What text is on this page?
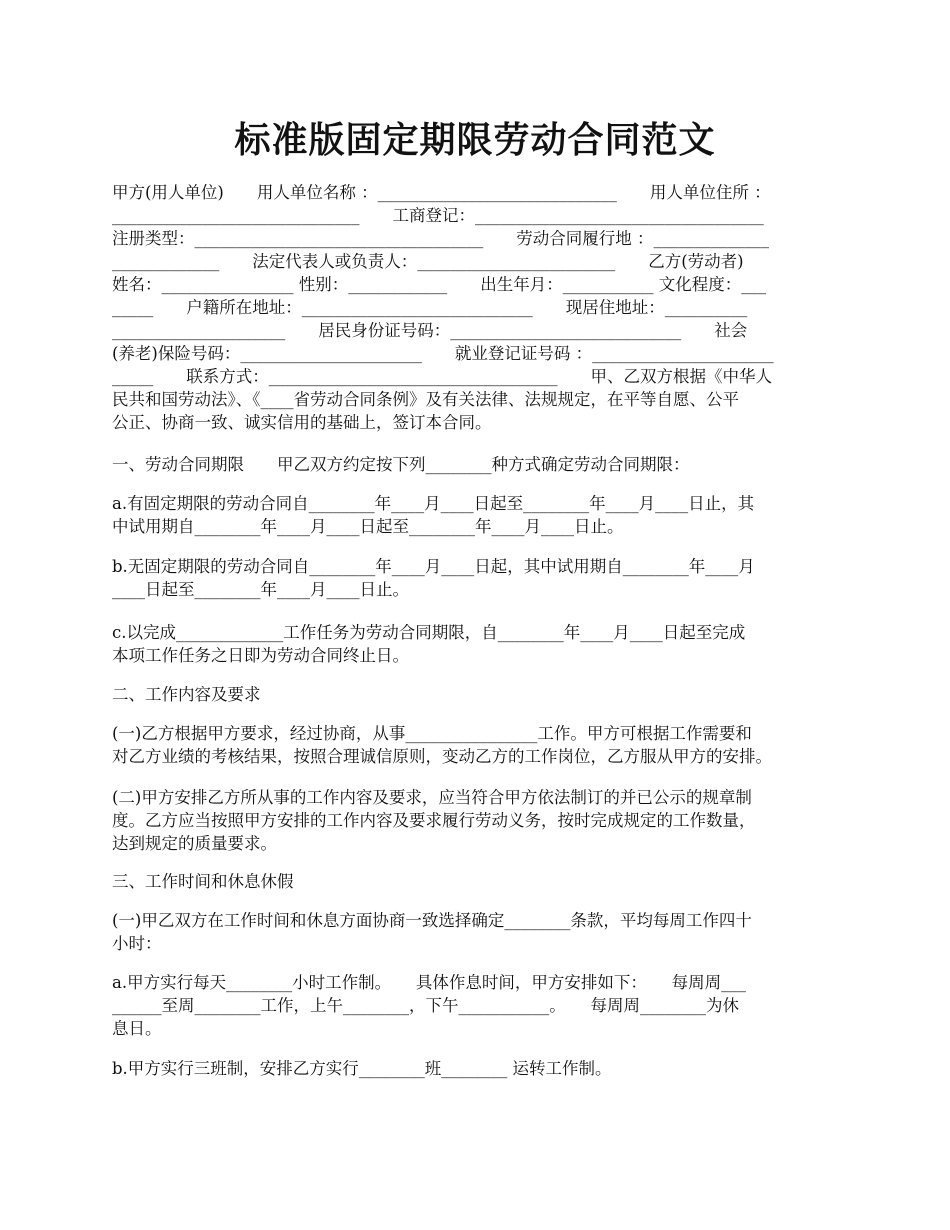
标准版固定期限劳动合同范文
甲方(用人单位)　　用人单位名称 ：_____________________________　　用人单位住所 ：
______________________________　　工商登记：___________________________________
注册类型：___________________________________　　劳动合同履行地 ：______________
_____________　　法定代表人或负责人：________________________　　乙方(劳动者)
姓名：________________ 性别：____________　　出生年月：___________ 文化程度：___
_____　　户籍所在地址：____________________________　　现居住地址：__________
_____________________　　居民身份证号码：____________________________　　社会
(养老)保险号码：______________________　　就业登记证号码 ：______________________
_____　　联系方式：___________________________________　　甲、乙双方根据《中华人
民共和国劳动法》、《____省劳动合同条例》及有关法律、法规规定，在平等自愿、公平
公正、协商一致、诚实信用的基础上，签订本合同。
一、劳动合同期限　　甲乙双方约定按下列________种方式确定劳动合同期限：
a.有固定期限的劳动合同自________年____月____日起至________年____月____日止，其
中试用期自________年____月____日起至________年____月____日止。
b.无固定期限的劳动合同自________年____月____日起，其中试用期自________年____月
____日起至________年____月____日止。
c.以完成_____________工作任务为劳动合同期限，自________年____月____日起至完成
本项工作任务之日即为劳动合同终止日。
二、工作内容及要求
(一)乙方根据甲方要求，经过协商，从事________________工作。甲方可根据工作需要和
对乙方业绩的考核结果，按照合理诚信原则，变动乙方的工作岗位，乙方服从甲方的安排。
(二)甲方安排乙方所从事的工作内容及要求，应当符合甲方依法制订的并已公示的规章制
度。乙方应当按照甲方安排的工作内容及要求履行劳动义务，按时完成规定的工作数量，
达到规定的质量要求。
三、工作时间和休息休假
(一)甲乙双方在工作时间和休息方面协商一致选择确定________条款，平均每周工作四十
小时：
a.甲方实行每天________小时工作制。　　具体作息时间，甲方安排如下：　　每周周___
______至周________工作，上午________，下午___________。　　每周周________为休
息日。
b.甲方实行三班制，安排乙方实行________班________ 运转工作制。
